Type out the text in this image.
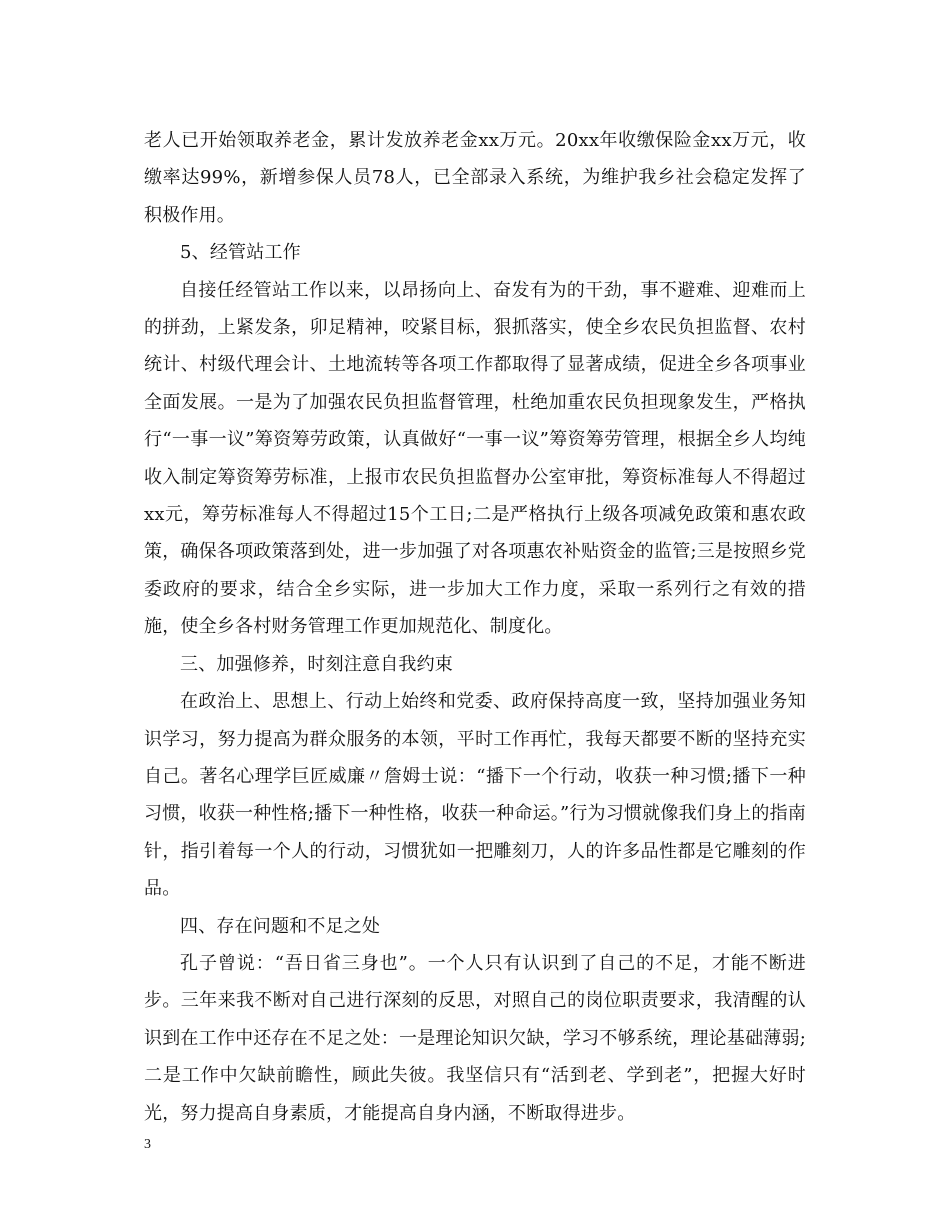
老人已开始领取养老金，累计发放养老金xx万元。20xx年收缴保险金xx万元，收缴率达99%，新增参保人员78人，已全部录入系统，为维护我乡社会稳定发挥了积极作用。

5、经管站工作

自接任经管站工作以来，以昂扬向上、奋发有为的干劲，事不避难、迎难而上的拼劲，上紧发条，卯足精神，咬紧目标，狠抓落实，使全乡农民负担监督、农村统计、村级代理会计、土地流转等各项工作都取得了显著成绩，促进全乡各项事业全面发展。一是为了加强农民负担监督管理，杜绝加重农民负担现象发生，严格执行“一事一议”筹资筹劳政策，认真做好“一事一议”筹资筹劳管理，根据全乡人均纯收入制定筹资筹劳标准，上报市农民负担监督办公室审批，筹资标准每人不得超过xx元，筹劳标准每人不得超过15个工日;二是严格执行上级各项减免政策和惠农政策，确保各项政策落到处，进一步加强了对各项惠农补贴资金的监管;三是按照乡党委政府的要求，结合全乡实际，进一步加大工作力度，采取一系列行之有效的措施，使全乡各村财务管理工作更加规范化、制度化。

三、加强修养，时刻注意自我约束

在政治上、思想上、行动上始终和党委、政府保持高度一致，坚持加强业务知识学习，努力提高为群众服务的本领，平时工作再忙，我每天都要不断的坚持充实自己。著名心理学巨匠威廉〃詹姆士说：“播下一个行动，收获一种习惯;播下一种习惯，收获一种性格;播下一种性格，收获一种命运。”行为习惯就像我们身上的指南针，指引着每一个人的行动，习惯犹如一把雕刻刀，人的许多品性都是它雕刻的作品。

四、存在问题和不足之处

孔子曾说：“吾日省三身也”。一个人只有认识到了自己的不足，才能不断进步。三年来我不断对自己进行深刻的反思，对照自己的岗位职责要求，我清醒的认识到在工作中还存在不足之处：一是理论知识欠缺，学习不够系统，理论基础薄弱;二是工作中欠缺前瞻性，顾此失彼。我坚信只有“活到老、学到老”，把握大好时光，努力提高自身素质，才能提高自身内涵，不断取得进步。

3
